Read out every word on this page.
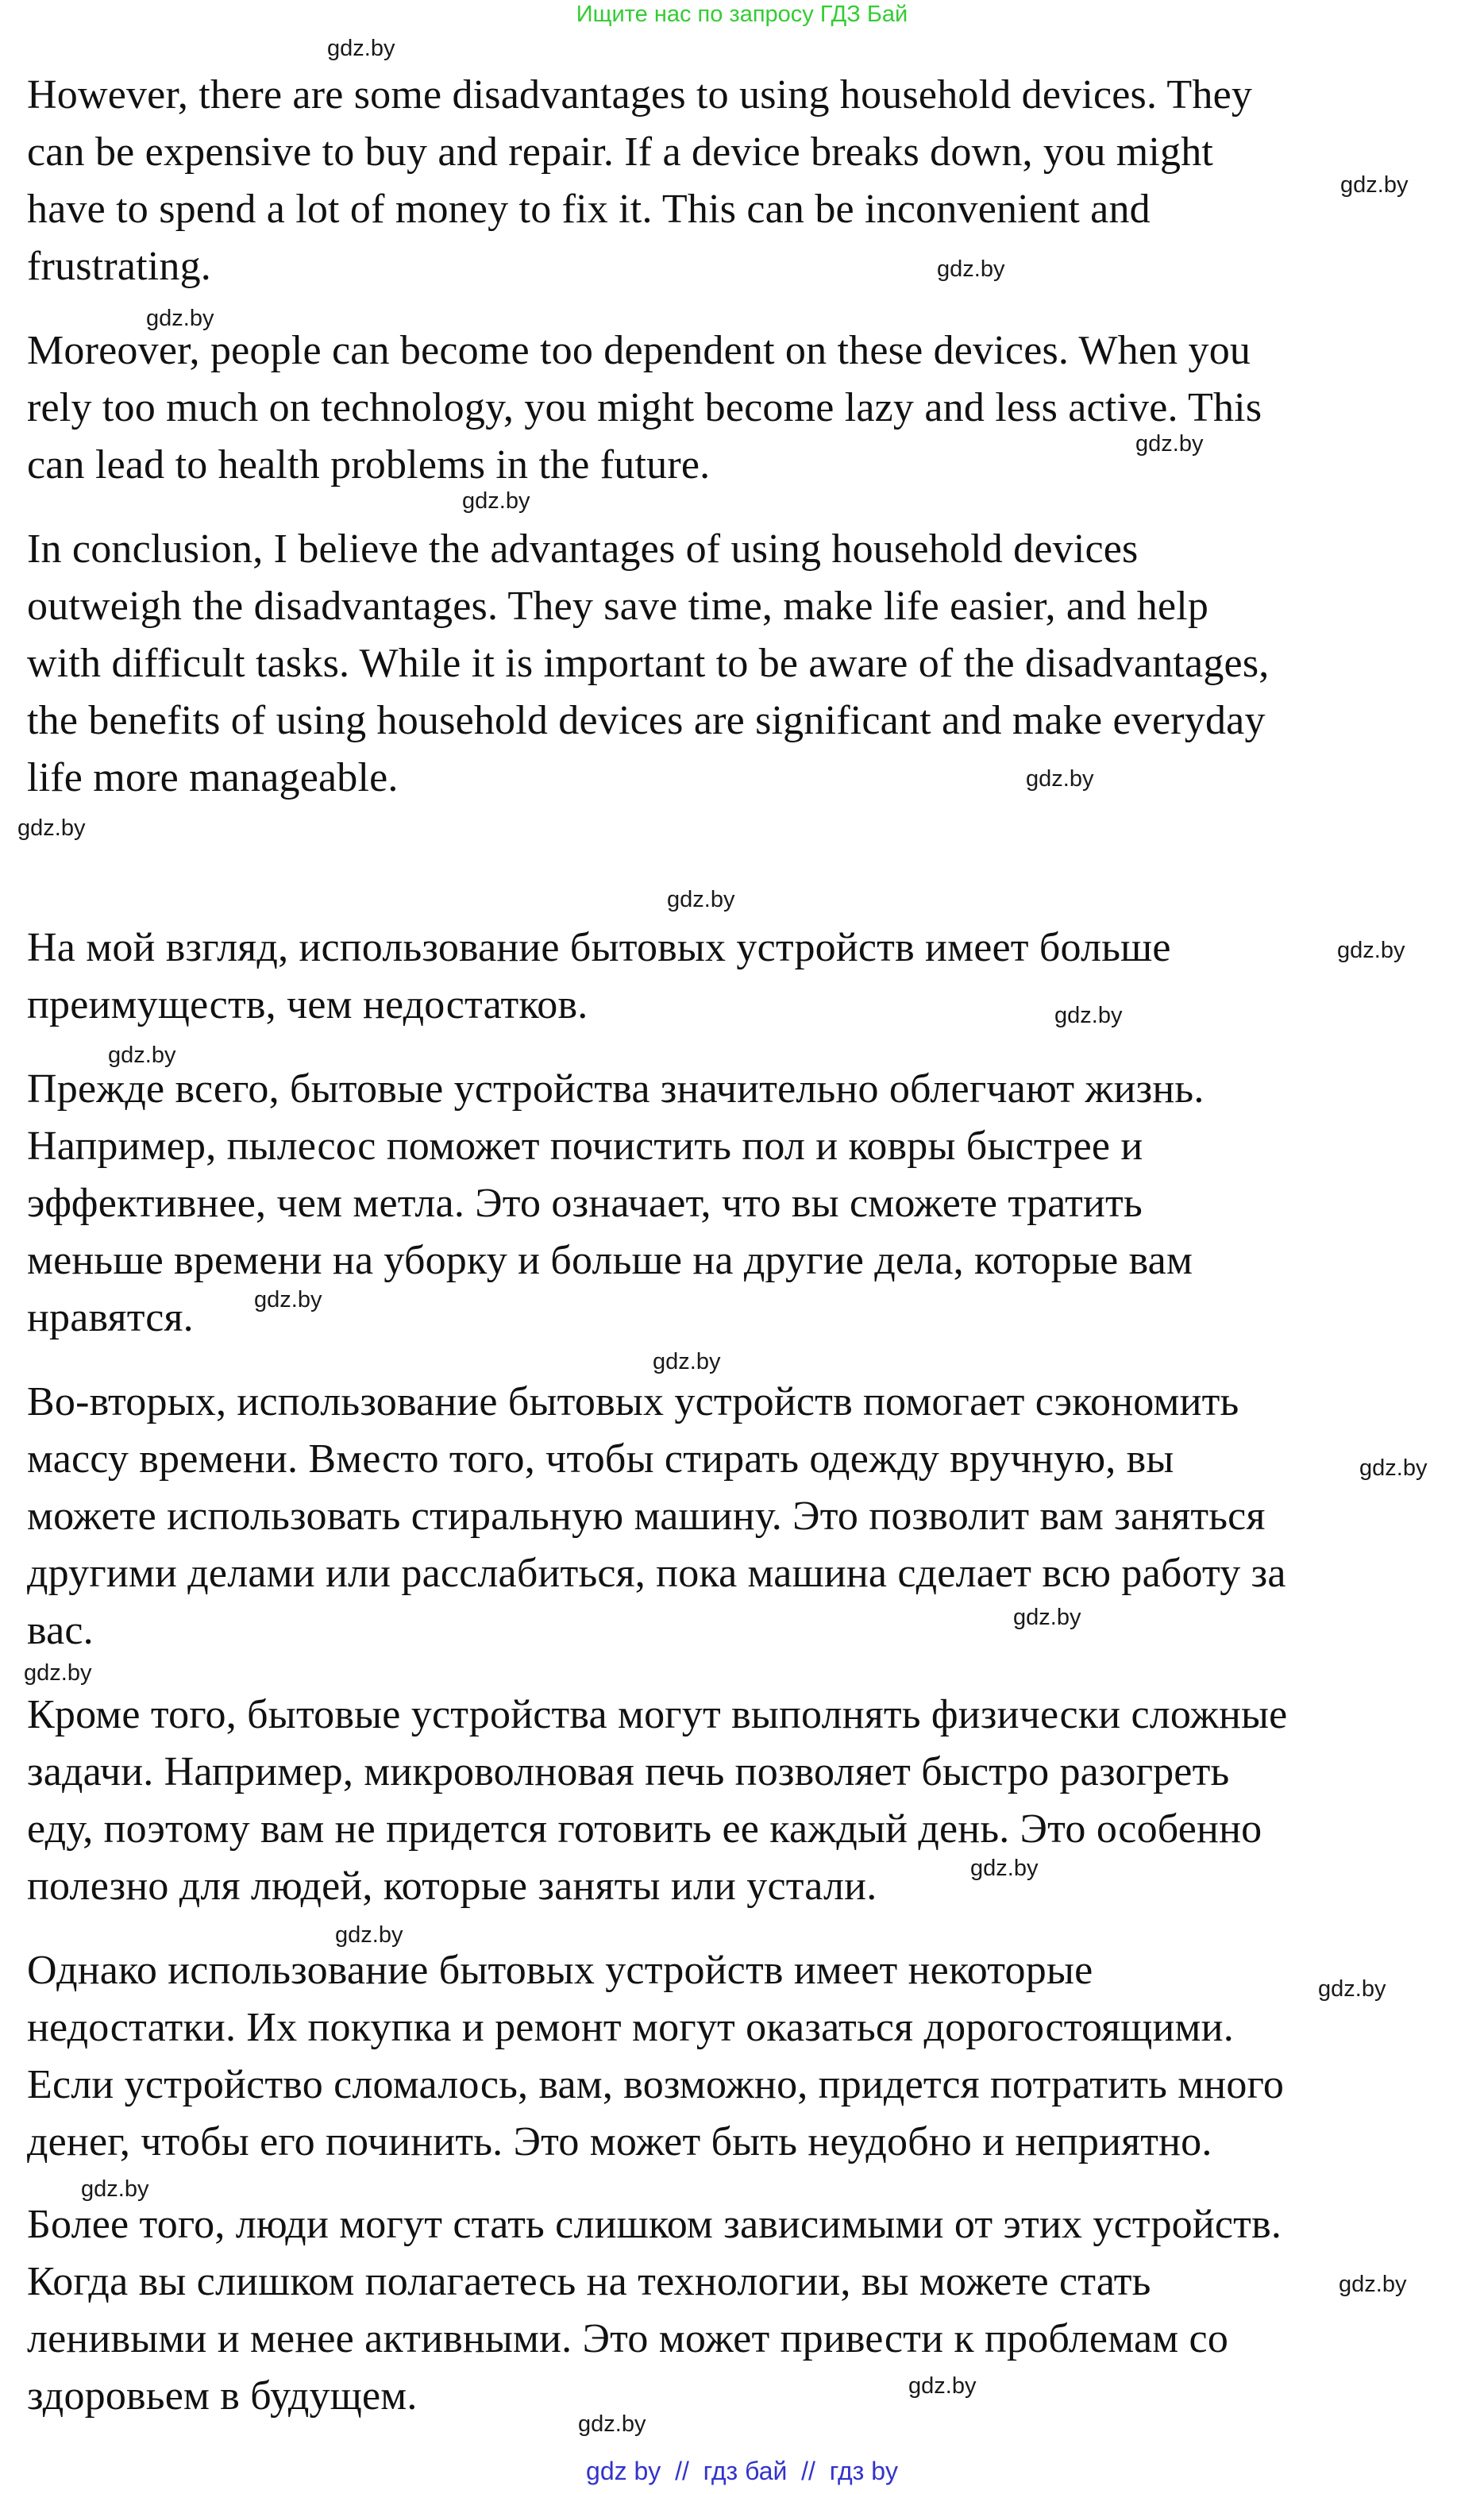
Ищите нас по запросу ГДЗ Бай

However, there are some disadvantages to using household devices. They
can be expensive to buy and repair. If a device breaks down, you might
have to spend a lot of money to fix it. This can be inconvenient and
frustrating.

Moreover, people can become too dependent on these devices. When you
rely too much on technology, you might become lazy and less active. This
can lead to health problems in the future.

In conclusion, I believe the advantages of using household devices
outweigh the disadvantages. They save time, make life easier, and help
with difficult tasks. While it is important to be aware of the disadvantages,
the benefits of using household devices are significant and make everyday
life more manageable.

На мой взгляд, использование бытовых устройств имеет больше
преимуществ, чем недостатков.

Прежде всего, бытовые устройства значительно облегчают жизнь.
Например, пылесос поможет почистить пол и ковры быстрее и
эффективнее, чем метла. Это означает, что вы сможете тратить
меньше времени на уборку и больше на другие дела, которые вам
нравятся.

Во-вторых, использование бытовых устройств помогает сэкономить
массу времени. Вместо того, чтобы стирать одежду вручную, вы
можете использовать стиральную машину. Это позволит вам заняться
другими делами или расслабиться, пока машина сделает всю работу за
вас.

Кроме того, бытовые устройства могут выполнять физически сложные
задачи. Например, микроволновая печь позволяет быстро разогреть
еду, поэтому вам не придется готовить ее каждый день. Это особенно
полезно для людей, которые заняты или устали.

Однако использование бытовых устройств имеет некоторые
недостатки. Их покупка и ремонт могут оказаться дорогостоящими.
Если устройство сломалось, вам, возможно, придется потратить много
денег, чтобы его починить. Это может быть неудобно и неприятно.

Более того, люди могут стать слишком зависимыми от этих устройств.
Когда вы слишком полагаетесь на технологии, вы можете стать
ленивыми и менее активными. Это может привести к проблемам со
здоровьем в будущем.

gdz.by
gdz.by
gdz.by
gdz.by
gdz.by
gdz.by
gdz.by
gdz.by
gdz.by
gdz.by
gdz.by
gdz.by
gdz.by
gdz.by
gdz.by
gdz.by
gdz.by
gdz.by
gdz.by
gdz.by
gdz.by
gdz.by
gdz.by
gdz.by
gdz by  //  гдз бай  //  гдз by
